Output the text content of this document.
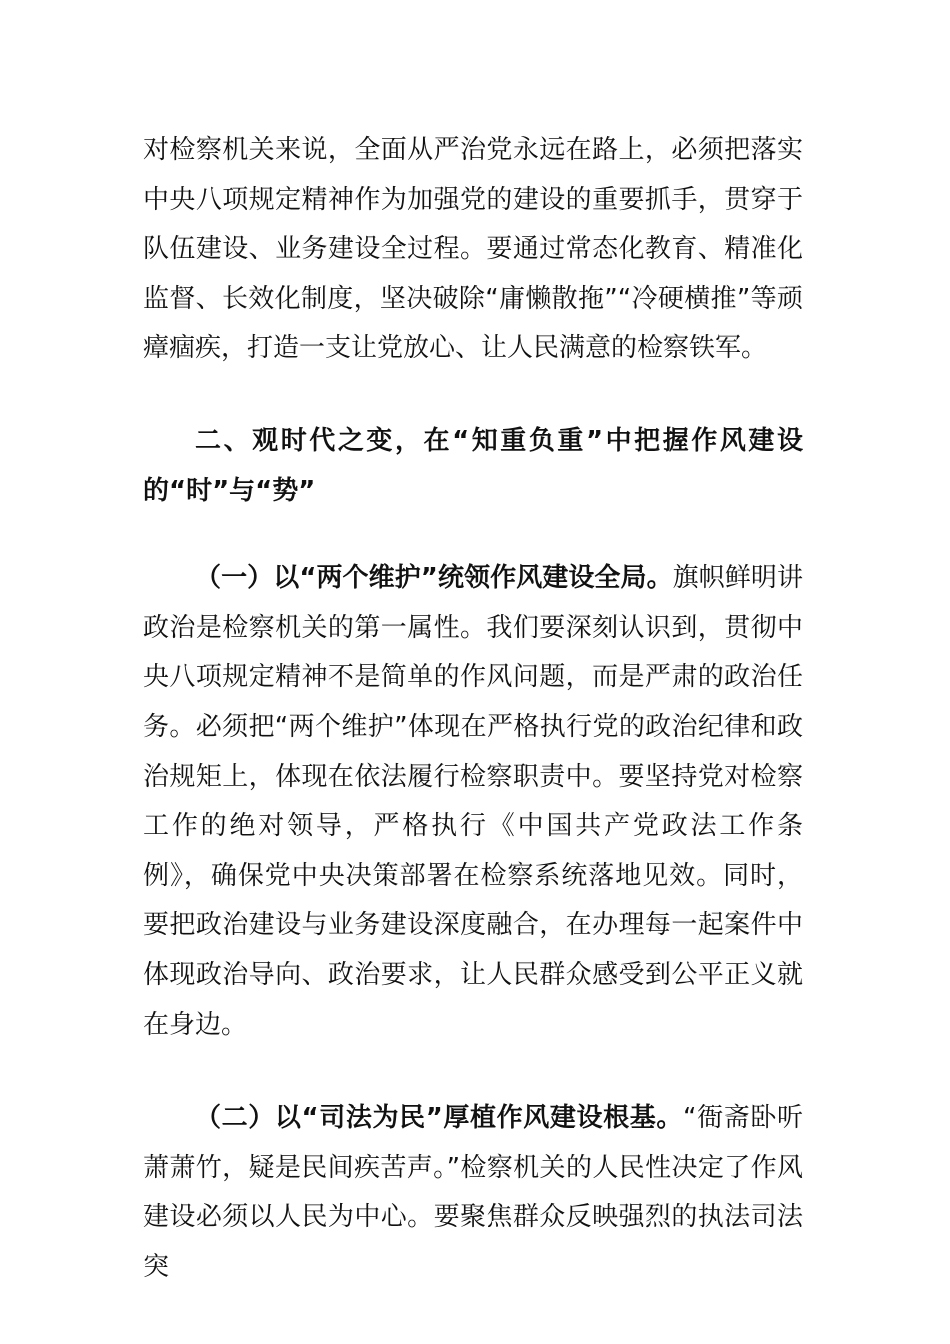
对检察机关来说，全面从严治党永远在路上，必须把落实中央八项规定精神作为加强党的建设的重要抓手，贯穿于队伍建设、业务建设全过程。要通过常态化教育、精准化监督、长效化制度，坚决破除“庸懒散拖”“冷硬横推”等顽瘴痼疾，打造一支让党放心、让人民满意的检察铁军。

二、观时代之变，在“知重负重”中把握作风建设的“时”与“势”

（一）以“两个维护”统领作风建设全局。旗帜鲜明讲政治是检察机关的第一属性。我们要深刻认识到，贯彻中央八项规定精神不是简单的作风问题，而是严肃的政治任务。必须把“两个维护”体现在严格执行党的政治纪律和政治规矩上，体现在依法履行检察职责中。要坚持党对检察工作的绝对领导，严格执行《中国共产党政法工作条例》，确保党中央决策部署在检察系统落地见效。同时，要把政治建设与业务建设深度融合，在办理每一起案件中体现政治导向、政治要求，让人民群众感受到公平正义就在身边。

（二）以“司法为民”厚植作风建设根基。“衙斋卧听萧萧竹，疑是民间疾苦声。”检察机关的人民性决定了作风建设必须以人民为中心。要聚焦群众反映强烈的执法司法突
